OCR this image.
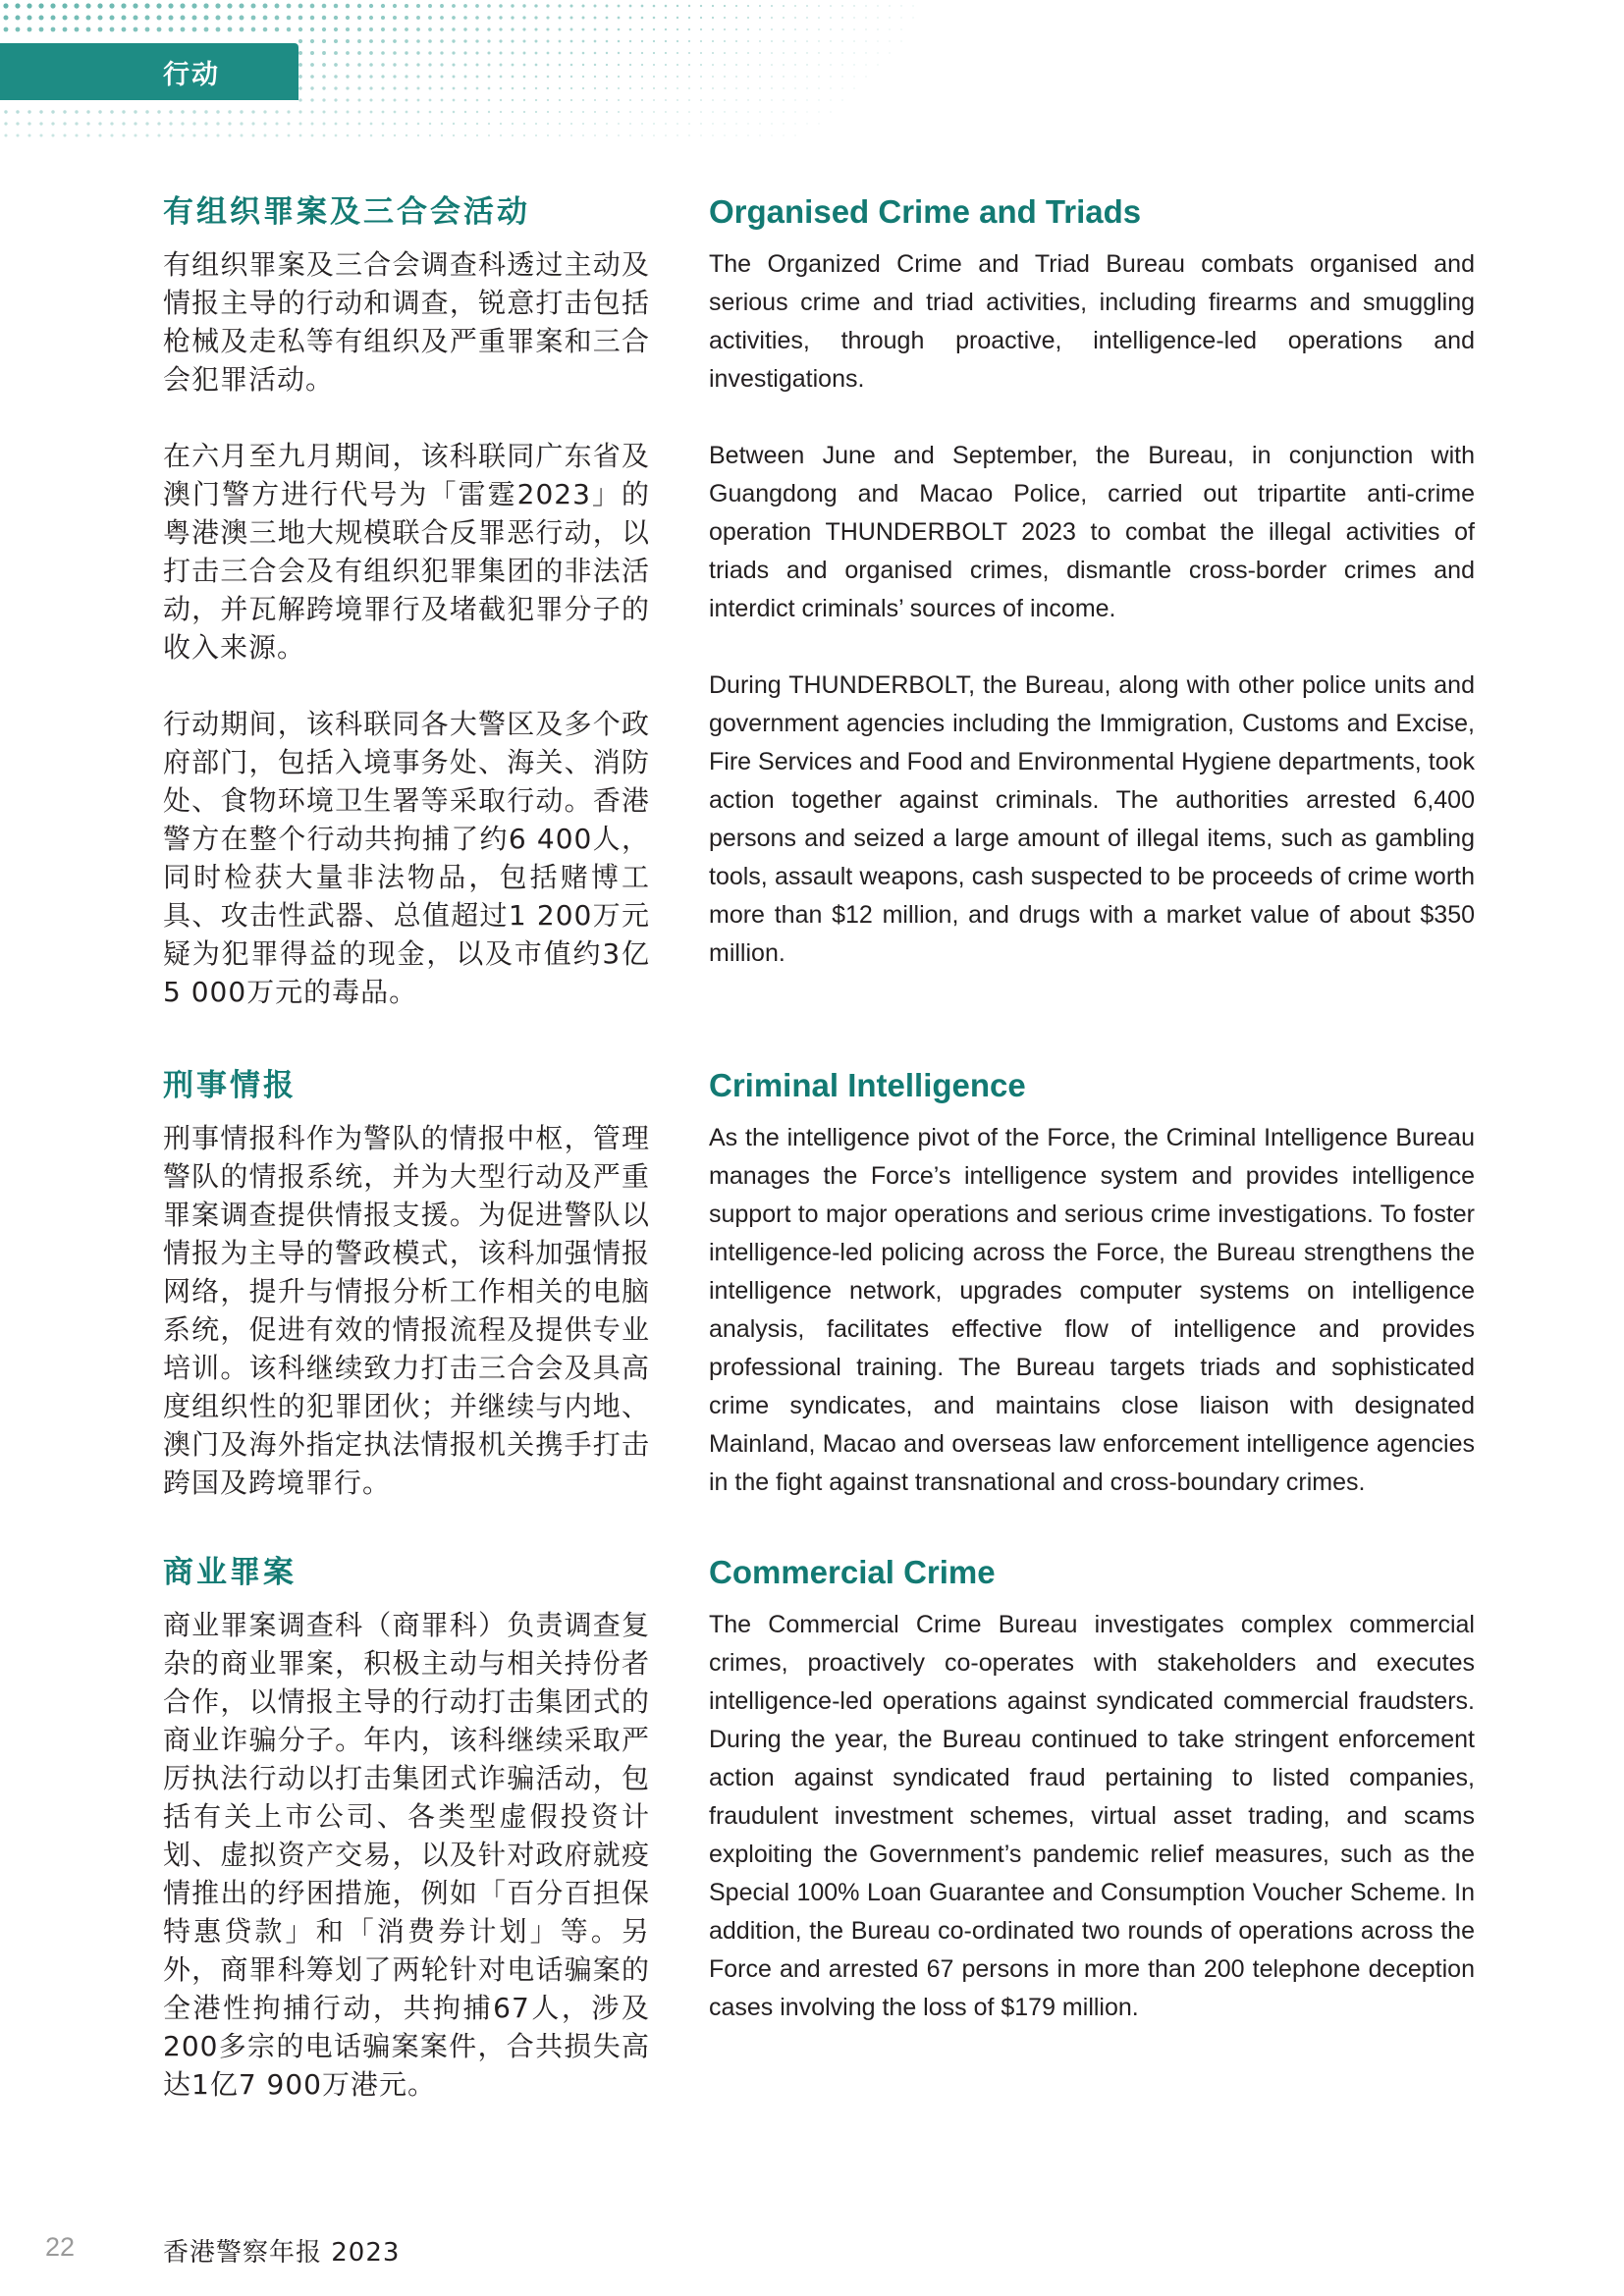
行动
有组织罪案及三合会活动

有组织罪案及三合会调查科透过主动及情报主导的行动和调查，锐意打击包括枪械及走私等有组织及严重罪案和三合会犯罪活动。

在六月至九月期间，该科联同广东省及澳门警方进行代号为「雷霆2023」的粤港澳三地大规模联合反罪恶行动，以打击三合会及有组织犯罪集团的非法活动，并瓦解跨境罪行及堵截犯罪分子的收入来源。

行动期间，该科联同各大警区及多个政府部门，包括入境事务处、海关、消防处、食物环境卫生署等采取行动。香港警方在整个行动共拘捕了约6 400人，同时检获大量非法物品，包括赌博工具、攻击性武器、总值超过1 200万元疑为犯罪得益的现金，以及市值约3亿5 000万元的毒品。

Organised Crime and Triads

The Organized Crime and Triad Bureau combats organised and serious crime and triad activities, including firearms and smuggling activities, through proactive, intelligence-led operations and investigations.

Between June and September, the Bureau, in conjunction with Guangdong and Macao Police, carried out tripartite anti-crime operation THUNDERBOLT 2023 to combat the illegal activities of triads and organised crimes, dismantle cross-border crimes and interdict criminals’ sources of income.

During THUNDERBOLT, the Bureau, along with other police units and government agencies including the Immigration, Customs and Excise, Fire Services and Food and Environmental Hygiene departments, took action together against criminals. The authorities arrested 6,400 persons and seized a large amount of illegal items, such as gambling tools, assault weapons, cash suspected to be proceeds of crime worth more than $12 million, and drugs with a market value of about $350 million.

刑事情报

刑事情报科作为警队的情报中枢，管理警队的情报系统，并为大型行动及严重罪案调查提供情报支援。为促进警队以情报为主导的警政模式，该科加强情报网络，提升与情报分析工作相关的电脑系统，促进有效的情报流程及提供专业培训。该科继续致力打击三合会及具高度组织性的犯罪团伙；并继续与内地、澳门及海外指定执法情报机关携手打击跨国及跨境罪行。

Criminal Intelligence

As the intelligence pivot of the Force, the Criminal Intelligence Bureau manages the Force’s intelligence system and provides intelligence support to major operations and serious crime investigations. To foster intelligence-led policing across the Force, the Bureau strengthens the intelligence network, upgrades computer systems on intelligence analysis, facilitates effective flow of intelligence and provides professional training. The Bureau targets triads and sophisticated crime syndicates, and maintains close liaison with designated Mainland, Macao and overseas law enforcement intelligence agencies in the fight against transnational and cross-boundary crimes.

商业罪案

商业罪案调查科（商罪科）负责调查复杂的商业罪案，积极主动与相关持份者合作，以情报主导的行动打击集团式的商业诈骗分子。年内，该科继续采取严厉执法行动以打击集团式诈骗活动，包括有关上市公司、各类型虚假投资计划、虚拟资产交易，以及针对政府就疫情推出的纾困措施，例如「百分百担保特惠贷款」和「消费券计划」等。另外，商罪科筹划了两轮针对电话骗案的全港性拘捕行动，共拘捕67人，涉及200多宗的电话骗案案件，合共损失高达1亿7 900万港元。

Commercial Crime

The Commercial Crime Bureau investigates complex commercial crimes, proactively co-operates with stakeholders and executes intelligence-led operations against syndicated commercial fraudsters. During the year, the Bureau continued to take stringent enforcement action against syndicated fraud pertaining to listed companies, fraudulent investment schemes, virtual asset trading, and scams exploiting the Government’s pandemic relief measures, such as the Special 100% Loan Guarantee and Consumption Voucher Scheme. In addition, the Bureau co-ordinated two rounds of operations across the Force and arrested 67 persons in more than 200 telephone deception cases involving the loss of $179 million.

22	香港警察年报 2023
